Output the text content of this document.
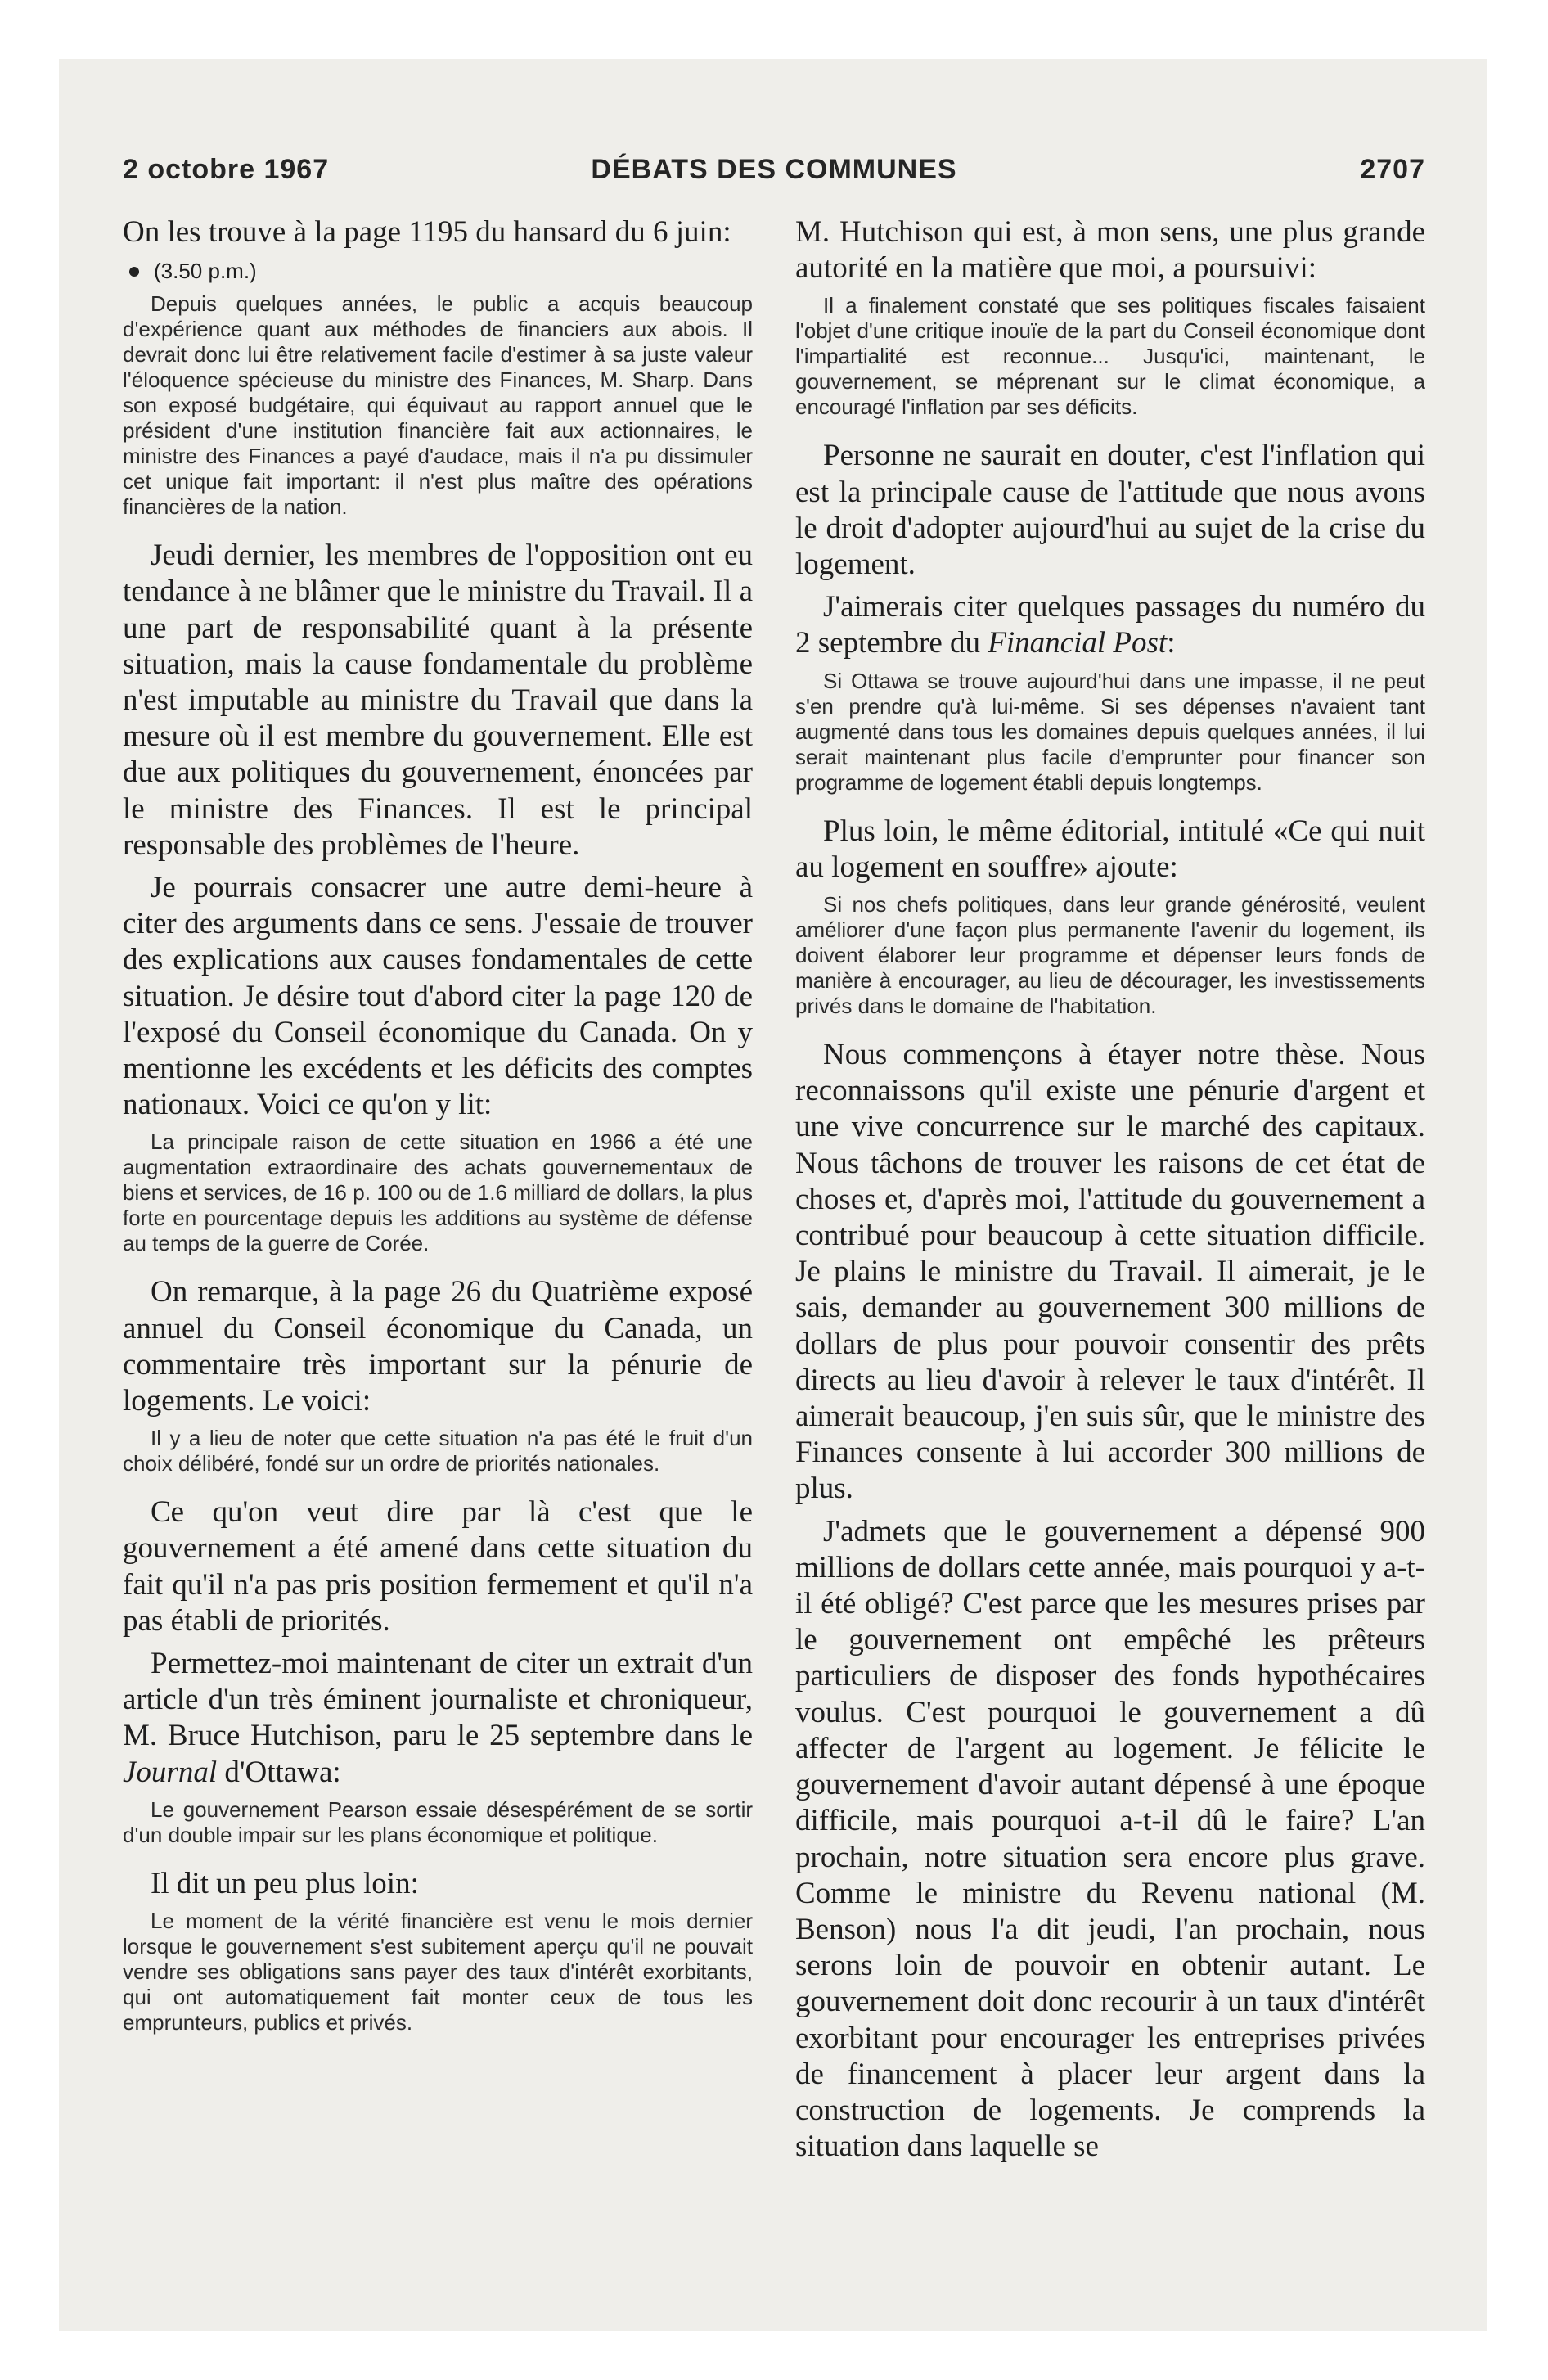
2 octobre 1967	DÉBATS DES COMMUNES	2707

On les trouve à la page 1195 du hansard du 6 juin:

(3.50 p.m.)

Depuis quelques années, le public a acquis beaucoup d'expérience quant aux méthodes de financiers aux abois. Il devrait donc lui être relativement facile d'estimer à sa juste valeur l'éloquence spécieuse du ministre des Finances, M. Sharp. Dans son exposé budgétaire, qui équivaut au rapport annuel que le président d'une institution financière fait aux actionnaires, le ministre des Finances a payé d'audace, mais il n'a pu dissimuler cet unique fait important: il n'est plus maître des opérations financières de la nation.

Jeudi dernier, les membres de l'opposition ont eu tendance à ne blâmer que le ministre du Travail. Il a une part de responsabilité quant à la présente situation, mais la cause fondamentale du problème n'est imputable au ministre du Travail que dans la mesure où il est membre du gouvernement. Elle est due aux politiques du gouvernement, énoncées par le ministre des Finances. Il est le principal responsable des problèmes de l'heure.

Je pourrais consacrer une autre demi-heure à citer des arguments dans ce sens. J'essaie de trouver des explications aux causes fondamentales de cette situation. Je désire tout d'abord citer la page 120 de l'exposé du Conseil économique du Canada. On y mentionne les excédents et les déficits des comptes nationaux. Voici ce qu'on y lit:

La principale raison de cette situation en 1966 a été une augmentation extraordinaire des achats gouvernementaux de biens et services, de 16 p. 100 ou de 1.6 milliard de dollars, la plus forte en pourcentage depuis les additions au système de défense au temps de la guerre de Corée.

On remarque, à la page 26 du Quatrième exposé annuel du Conseil économique du Canada, un commentaire très important sur la pénurie de logements. Le voici:

Il y a lieu de noter que cette situation n'a pas été le fruit d'un choix délibéré, fondé sur un ordre de priorités nationales.

Ce qu'on veut dire par là c'est que le gouvernement a été amené dans cette situation du fait qu'il n'a pas pris position fermement et qu'il n'a pas établi de priorités.

Permettez-moi maintenant de citer un extrait d'un article d'un très éminent journaliste et chroniqueur, M. Bruce Hutchison, paru le 25 septembre dans le Journal d'Ottawa:

Le gouvernement Pearson essaie désespérément de se sortir d'un double impair sur les plans économique et politique.

Il dit un peu plus loin:

Le moment de la vérité financière est venu le mois dernier lorsque le gouvernement s'est subitement aperçu qu'il ne pouvait vendre ses obligations sans payer des taux d'intérêt exorbitants, qui ont automatiquement fait monter ceux de tous les emprunteurs, publics et privés.

M. Hutchison qui est, à mon sens, une plus grande autorité en la matière que moi, a poursuivi:

Il a finalement constaté que ses politiques fiscales faisaient l'objet d'une critique inouïe de la part du Conseil économique dont l'impartialité est reconnue... Jusqu'ici, maintenant, le gouvernement, se méprenant sur le climat économique, a encouragé l'inflation par ses déficits.

Personne ne saurait en douter, c'est l'inflation qui est la principale cause de l'attitude que nous avons le droit d'adopter aujourd'hui au sujet de la crise du logement.

J'aimerais citer quelques passages du numéro du 2 septembre du Financial Post:

Si Ottawa se trouve aujourd'hui dans une impasse, il ne peut s'en prendre qu'à lui-même. Si ses dépenses n'avaient tant augmenté dans tous les domaines depuis quelques années, il lui serait maintenant plus facile d'emprunter pour financer son programme de logement établi depuis longtemps.

Plus loin, le même éditorial, intitulé «Ce qui nuit au logement en souffre» ajoute:

Si nos chefs politiques, dans leur grande générosité, veulent améliorer d'une façon plus permanente l'avenir du logement, ils doivent élaborer leur programme et dépenser leurs fonds de manière à encourager, au lieu de décourager, les investissements privés dans le domaine de l'habitation.

Nous commençons à étayer notre thèse. Nous reconnaissons qu'il existe une pénurie d'argent et une vive concurrence sur le marché des capitaux. Nous tâchons de trouver les raisons de cet état de choses et, d'après moi, l'attitude du gouvernement a contribué pour beaucoup à cette situation difficile. Je plains le ministre du Travail. Il aimerait, je le sais, demander au gouvernement 300 millions de dollars de plus pour pouvoir consentir des prêts directs au lieu d'avoir à relever le taux d'intérêt. Il aimerait beaucoup, j'en suis sûr, que le ministre des Finances consente à lui accorder 300 millions de plus.

J'admets que le gouvernement a dépensé 900 millions de dollars cette année, mais pourquoi y a-t-il été obligé? C'est parce que les mesures prises par le gouvernement ont empêché les prêteurs particuliers de disposer des fonds hypothécaires voulus. C'est pourquoi le gouvernement a dû affecter de l'argent au logement. Je félicite le gouvernement d'avoir autant dépensé à une époque difficile, mais pourquoi a-t-il dû le faire? L'an prochain, notre situation sera encore plus grave. Comme le ministre du Revenu national (M. Benson) nous l'a dit jeudi, l'an prochain, nous serons loin de pouvoir en obtenir autant. Le gouvernement doit donc recourir à un taux d'intérêt exorbitant pour encourager les entreprises privées de financement à placer leur argent dans la construction de logements. Je comprends la situation dans laquelle se
